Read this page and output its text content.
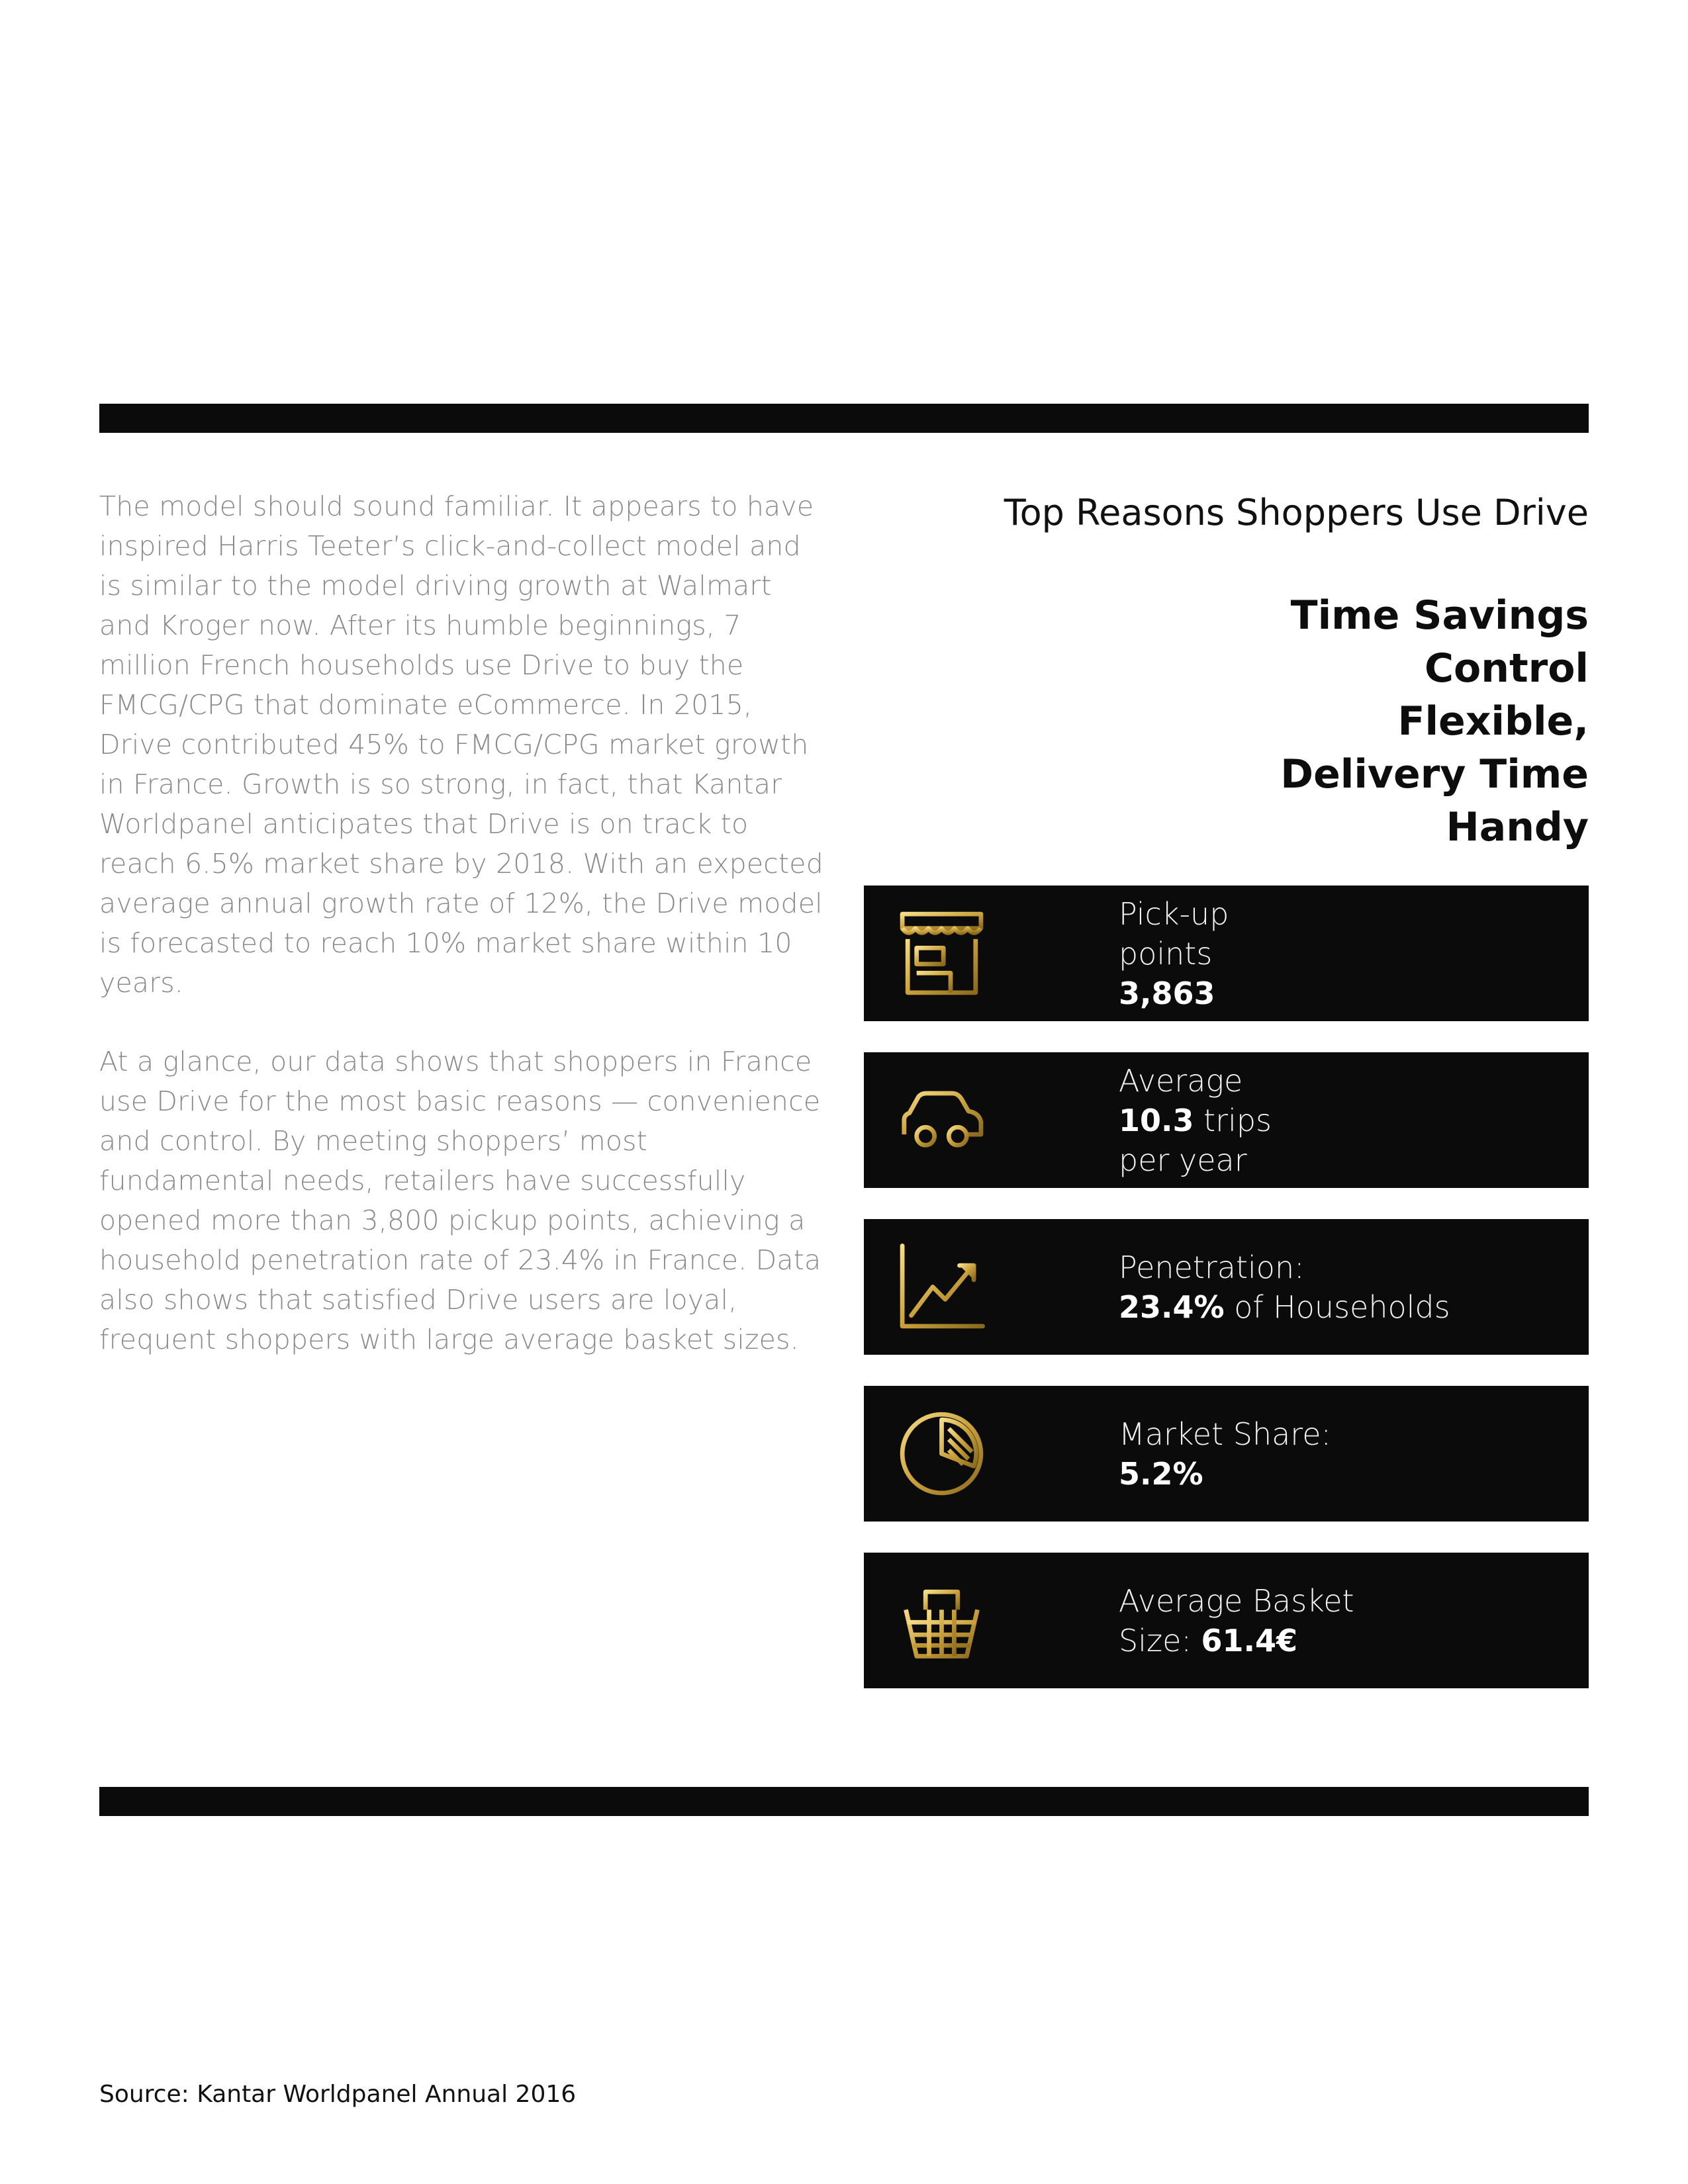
The model should sound familiar. It appears to have inspired Harris Teeter’s click-and-collect model and is similar to the model driving growth at Walmart and Kroger now. After its humble beginnings, 7 million French households use Drive to buy the FMCG/CPG that dominate eCommerce. In 2015, Drive contributed 45% to FMCG/CPG market growth in France. Growth is so strong, in fact, that Kantar Worldpanel anticipates that Drive is on track to reach 6.5% market share by 2018. With an expected average annual growth rate of 12%, the Drive model is forecasted to reach 10% market share within 10 years.

At a glance, our data shows that shoppers in France use Drive for the most basic reasons — convenience and control. By meeting shoppers’ most fundamental needs, retailers have successfully opened more than 3,800 pickup points, achieving a household penetration rate of 23.4% in France. Data also shows that satisfied Drive users are loyal, frequent shoppers with large average basket sizes.

Top Reasons Shoppers Use Drive
Time Savings
Control
Flexible,
Delivery Time
Handy
Pick-up
points
3,863
Average
10.3 trips
per year
Penetration:
23.4% of Households
Market Share:
5.2%
Average Basket
Size: 61.4€
Source: Kantar Worldpanel Annual 2016
